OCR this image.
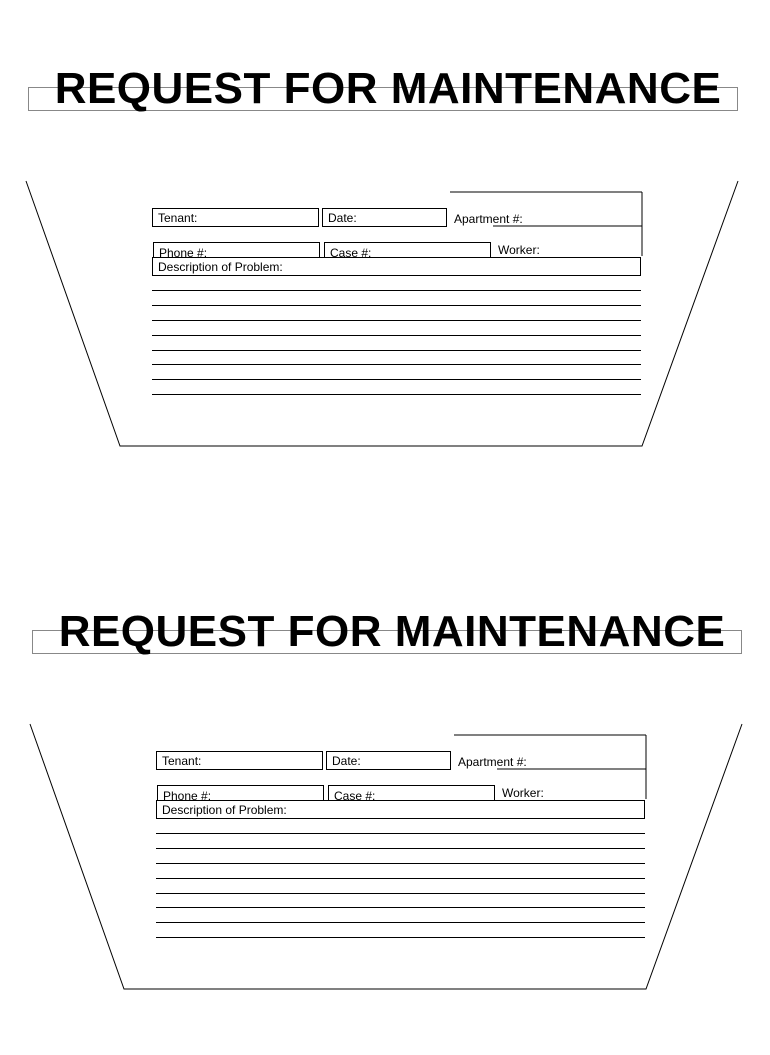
REQUEST FOR MAINTENANCE
Tenant:	Date:	Apartment #:
Phone #:	Case #:	Worker:
Description of Problem:
REQUEST FOR MAINTENANCE
Tenant:	Date:	Apartment #:
Phone #:	Case #:	Worker:
Description of Problem:
